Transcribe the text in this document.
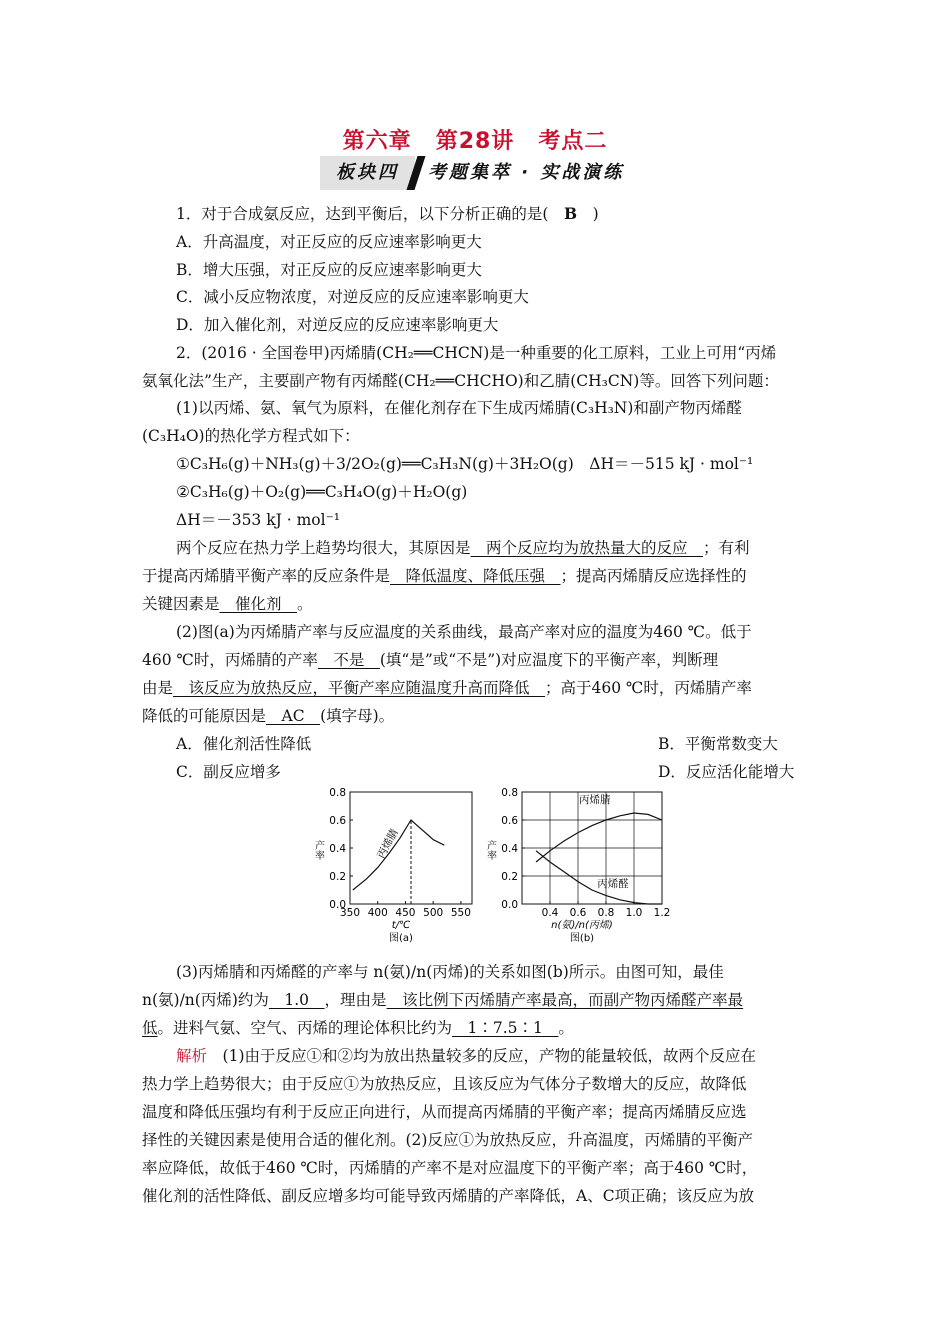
第六章 第28讲 考点二
板块四	考题集萃 · 实战演练
1．对于合成氨反应，达到平衡后，以下分析正确的是(　 B　 )
A．升高温度，对正反应的反应速率影响更大
B．增大压强，对正反应的反应速率影响更大
C．减小反应物浓度，对逆反应的反应速率影响更大
D．加入催化剂，对逆反应的反应速率影响更大
2．(2016 · 全国卷甲)丙烯腈(CH₂══CHCN)是一种重要的化工原料，工业上可用“丙烯
氨氧化法”生产，主要副产物有丙烯醛(CH₂══CHCHO)和乙腈(CH₃CN)等。回答下列问题：
(1)以丙烯、氨、氧气为原料，在催化剂存在下生成丙烯腈(C₃H₃N)和副产物丙烯醛
(C₃H₄O)的热化学方程式如下：
①C₃H₆(g)＋NH₃(g)＋3/2O₂(g)══C₃H₃N(g)＋3H₂O(g)　ΔH＝－515 kJ · mol⁻¹
②C₃H₆(g)＋O₂(g)══C₃H₄O(g)＋H₂O(g)
ΔH＝－353 kJ · mol⁻¹
两个反应在热力学上趋势均很大，其原因是　两个反应均为放热量大的反应　；有利
于提高丙烯腈平衡产率的反应条件是　降低温度、降低压强　；提高丙烯腈反应选择性的
关键因素是　催化剂　。
(2)图(a)为丙烯腈产率与反应温度的关系曲线，最高产率对应的温度为460 ℃。低于
460 ℃时，丙烯腈的产率　不是　(填“是”或“不是”)对应温度下的平衡产率，判断理
由是　该反应为放热反应，平衡产率应随温度升高而降低　；高于460 ℃时，丙烯腈产率
降低的可能原因是　AC　(填字母)。
A．催化剂活性降低	B．平衡常数变大
C．副反应增多	D．反应活化能增大
350 400 450 500 550
0.0
0.2
0.4
0.6
0.8
产率
t/℃
图(a)
丙烯腈
0.4 0.6 0.8 1.0 1.2
0.0
0.2
0.4
0.6
0.8
产率
n(氨)/n(丙烯)
图(b)
丙烯腈
丙烯醛
(3)丙烯腈和丙烯醛的产率与 n(氨)/n(丙烯)的关系如图(b)所示。由图可知，最佳
n(氨)/n(丙烯)约为　1.0　，理由是　该比例下丙烯腈产率最高，而副产物丙烯醛产率最
低。进料气氨、空气、丙烯的理论体积比约为　1∶7.5∶1　。
解析　 (1)由于反应①和②均为放出热量较多的反应，产物的能量较低，故两个反应在
热力学上趋势很大；由于反应①为放热反应，且该反应为气体分子数增大的反应，故降低
温度和降低压强均有利于反应正向进行，从而提高丙烯腈的平衡产率；提高丙烯腈反应选
择性的关键因素是使用合适的催化剂。(2)反应①为放热反应，升高温度，丙烯腈的平衡产
率应降低，故低于460 ℃时，丙烯腈的产率不是对应温度下的平衡产率；高于460 ℃时，
催化剂的活性降低、副反应增多均可能导致丙烯腈的产率降低，A、C项正确；该反应为放
